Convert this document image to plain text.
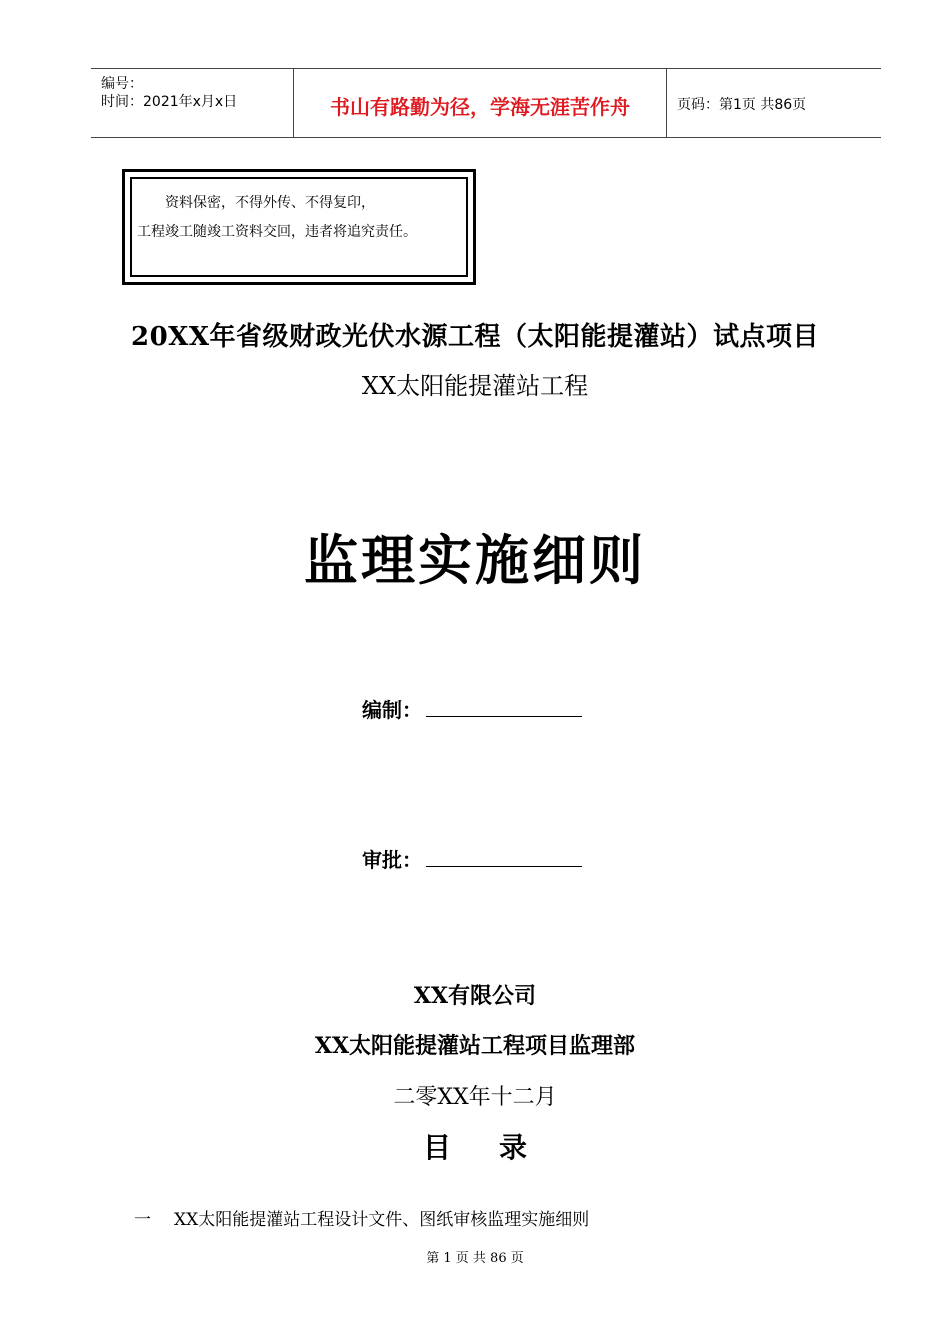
编号：
时间：2021年x月x日	书山有路勤为径，学海无涯苦作舟	页码：第1页 共86页
资料保密，不得外传、不得复印，
工程竣工随竣工资料交回，违者将追究责任。
20XX年省级财政光伏水源工程（太阳能提灌站）试点项目
XX太阳能提灌站工程
监理实施细则
编制：
审批：
XX有限公司
XX太阳能提灌站工程项目监理部
二零XX年十二月
目录
一 XX太阳能提灌站工程设计文件、图纸审核监理实施细则
第 1 页 共 86 页
